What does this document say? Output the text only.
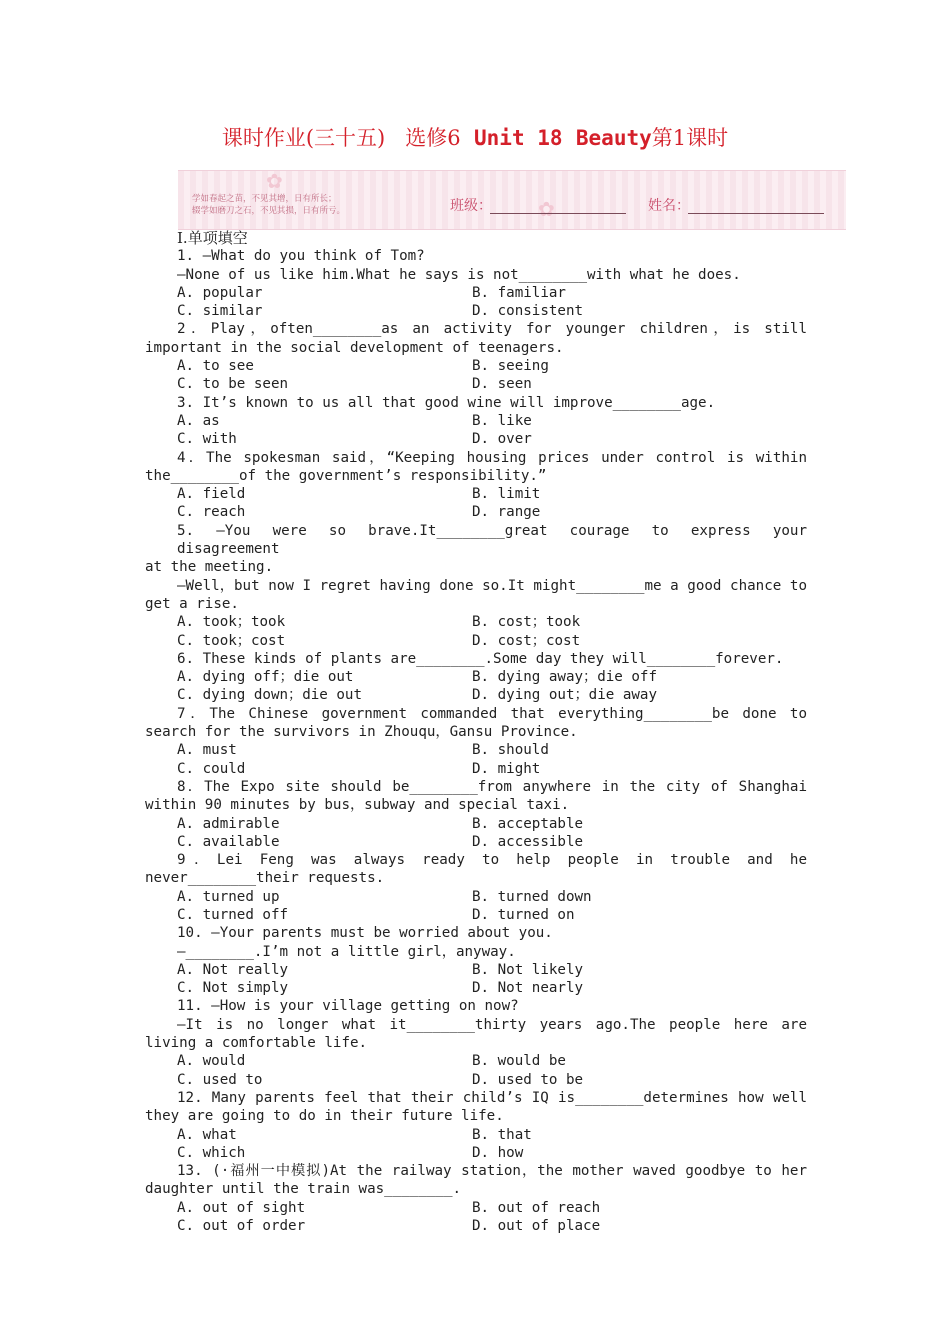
课时作业(三十五) 选修6 Unit 18 Beauty第1课时
✿
✿
学如春起之苗，不见其增，日有所长；
辍学如磨刀之石，不见其损，日有所亏。	班级：	姓名：
Ⅰ.单项填空
1. —What do you think of Tom?
—None of us like him.What he says is not________with what he does.
A. popular	B. familiar
C. similar	D. consistent
2．Play，often________as an activity for younger children，is still
important in the social development of teenagers.
A. to see	B. seeing
C. to be seen	D. seen
3. It’s known to us all that good wine will improve________age.
A. as	B. like
C. with	D. over
4．The spokesman said，“Keeping housing prices under control is within
the________of the government’s responsibility.”
A. field	B. limit
C. reach	D. range
5. —You were so brave.It________great courage to express your disagreement
at the meeting.
—Well，but now I regret having done so.It might________me a good chance to
get a rise.
A. took；took	B. cost；took
C. took；cost	D. cost；cost
6. These kinds of plants are________.Some day they will________forever.
A. dying off；die out	B. dying away；die off
C. dying down；die out	D. dying out；die away
7．The Chinese government commanded that everything________be done to
search for the survivors in Zhouqu，Gansu Province.
A. must	B. should
C. could	D. might
8．The Expo site should be________from anywhere in the city of Shanghai
within 90 minutes by bus，subway and special taxi.
A. admirable	B. acceptable
C. available	D. accessible
9．Lei Feng was always ready to help people in trouble and he
never________their requests.
A. turned up	B. turned down
C. turned off	D. turned on
10. —Your parents must be worried about you.
—________.I’m not a little girl，anyway.
A. Not really	B. Not likely
C. Not simply	D. Not nearly
11. —How is your village getting on now?
—It is no longer what it________thirty years ago.The people here are
living a comfortable life.
A. would	B. would be
C. used to	D. used to be
12. Many parents feel that their child’s IQ is________determines how well
they are going to do in their future life.
A. what	B. that
C. which	D. how
13. (·福州一中模拟)At the railway station，the mother waved goodbye to her
daughter until the train was________.
A. out of sight	B. out of reach
C. out of order	D. out of place
